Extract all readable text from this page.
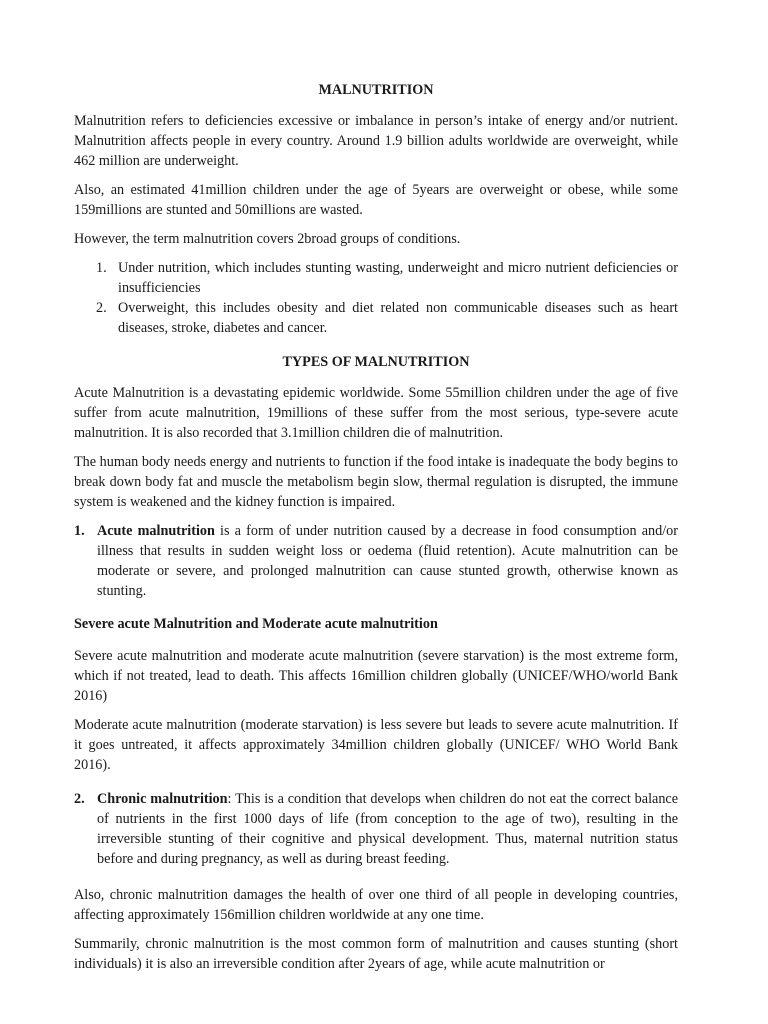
MALNUTRITION

Malnutrition refers to deficiencies excessive or imbalance in person’s intake of energy and/or nutrient. Malnutrition affects people in every country. Around 1.9 billion adults worldwide are overweight, while 462 million are underweight.

Also, an estimated 41million children under the age of 5years are overweight or obese, while some 159millions are stunted and 50millions are wasted.

However, the term malnutrition covers 2broad groups of conditions.

1. Under nutrition, which includes stunting wasting, underweight and micro nutrient deficiencies or insufficiencies
2. Overweight, this includes obesity and diet related non communicable diseases such as heart diseases, stroke, diabetes and cancer.
TYPES OF MALNUTRITION

Acute Malnutrition is a devastating epidemic worldwide. Some 55million children under the age of five suffer from acute malnutrition, 19millions of these suffer from the most serious, type-severe acute malnutrition. It is also recorded that 3.1million children die of malnutrition.

The human body needs energy and nutrients to function if the food intake is inadequate the body begins to break down body fat and muscle the metabolism begin slow, thermal regulation is disrupted, the immune system is weakened and the kidney function is impaired.

1. Acute malnutrition is a form of under nutrition caused by a decrease in food consumption and/or illness that results in sudden weight loss or oedema (fluid retention). Acute malnutrition can be moderate or severe, and prolonged malnutrition can cause stunted growth, otherwise known as stunting.
Severe acute Malnutrition and Moderate acute malnutrition

Severe acute malnutrition and moderate acute malnutrition (severe starvation) is the most extreme form, which if not treated, lead to death. This affects 16million children globally (UNICEF/WHO/world Bank 2016)

Moderate acute malnutrition (moderate starvation) is less severe but leads to severe acute malnutrition. If it goes untreated, it affects approximately 34million children globally (UNICEF/ WHO World Bank 2016).

2. Chronic malnutrition: This is a condition that develops when children do not eat the correct balance of nutrients in the first 1000 days of life (from conception to the age of two), resulting in the irreversible stunting of their cognitive and physical development. Thus, maternal nutrition status before and during pregnancy, as well as during breast feeding.

Also, chronic malnutrition damages the health of over one third of all people in developing countries, affecting approximately 156million children worldwide at any one time.

Summarily, chronic malnutrition is the most common form of malnutrition and causes stunting (short individuals) it is also an irreversible condition after 2years of age, while acute malnutrition or
